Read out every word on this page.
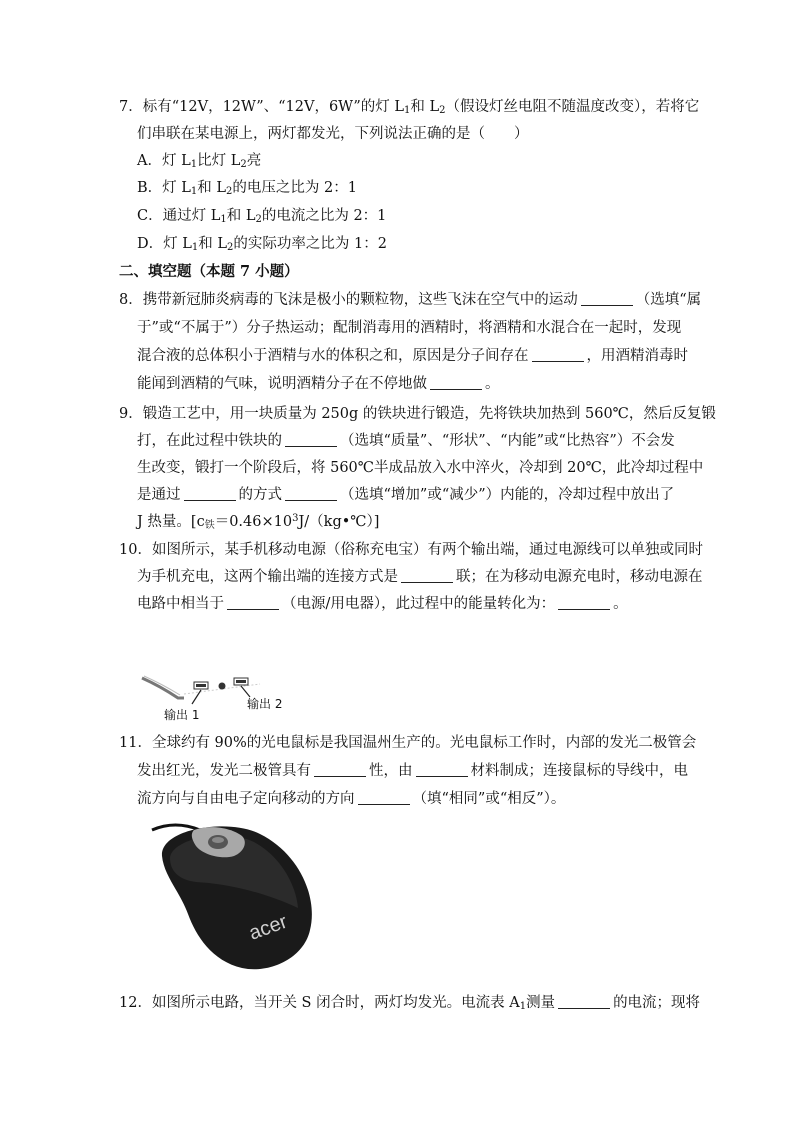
7．标有“12V，12W”、“12V，6W”的灯 $L_1$和 $L_2$（假设灯丝电阻不随温度改变），若将它
们串联在某电源上，两灯都发光，下列说法正确的是（　　）
A．灯 $L_1$比灯 $L_2$亮
B．灯 $L_1$和 $L_2$的电压之比为 2：1
C．通过灯 $L_1$和 $L_2$的电流之比为 2：1
D．灯 $L_1$和 $L_2$的实际功率之比为 1：2
二、填空题（本题 7 小题）
8．携带新冠肺炎病毒的飞沫是极小的颗粒物，这些飞沫在空气中的运动	（选填“属
于”或“不属于”）分子热运动；配制消毒用的酒精时，将酒精和水混合在一起时，发现
混合液的总体积小于酒精与水的体积之和，原因是分子间存在	，用酒精消毒时
能闻到酒精的气味，说明酒精分子在不停地做	。
9．锻造工艺中，用一块质量为 250g 的铁块进行锻造，先将铁块加热到 560℃，然后反复锻
打，在此过程中铁块的	（选填“质量”、“形状”、“内能”或“比热容”）不会发
生改变，锻打一个阶段后，将 560℃半成品放入水中淬火，冷却到 20℃，此冷却过程中
是通过	的方式	（选填“增加”或“减少”）内能的，冷却过程中放出了
J 热量。$[c_铁=0.46\times 10^3J/(kg•℃)]$
10．如图所示，某手机移动电源（俗称充电宝）有两个输出端，通过电源线可以单独或同时
为手机充电，这两个输出端的连接方式是	联；在为移动电源充电时，移动电源在
电路中相当于	（电源/用电器），此过程中的能量转化为：	。
输出 1
输出 2
11．全球约有 90%的光电鼠标是我国温州生产的。光电鼠标工作时，内部的发光二极管会
发出红光，发光二极管具有	性，由	材料制成；连接鼠标的导线中，电
流方向与自由电子定向移动的方向	（填“相同”或“相反”）。
acer
12．如图所示电路，当开关 S 闭合时，两灯均发光。电流表 $A_1$测量	的电流；现将
